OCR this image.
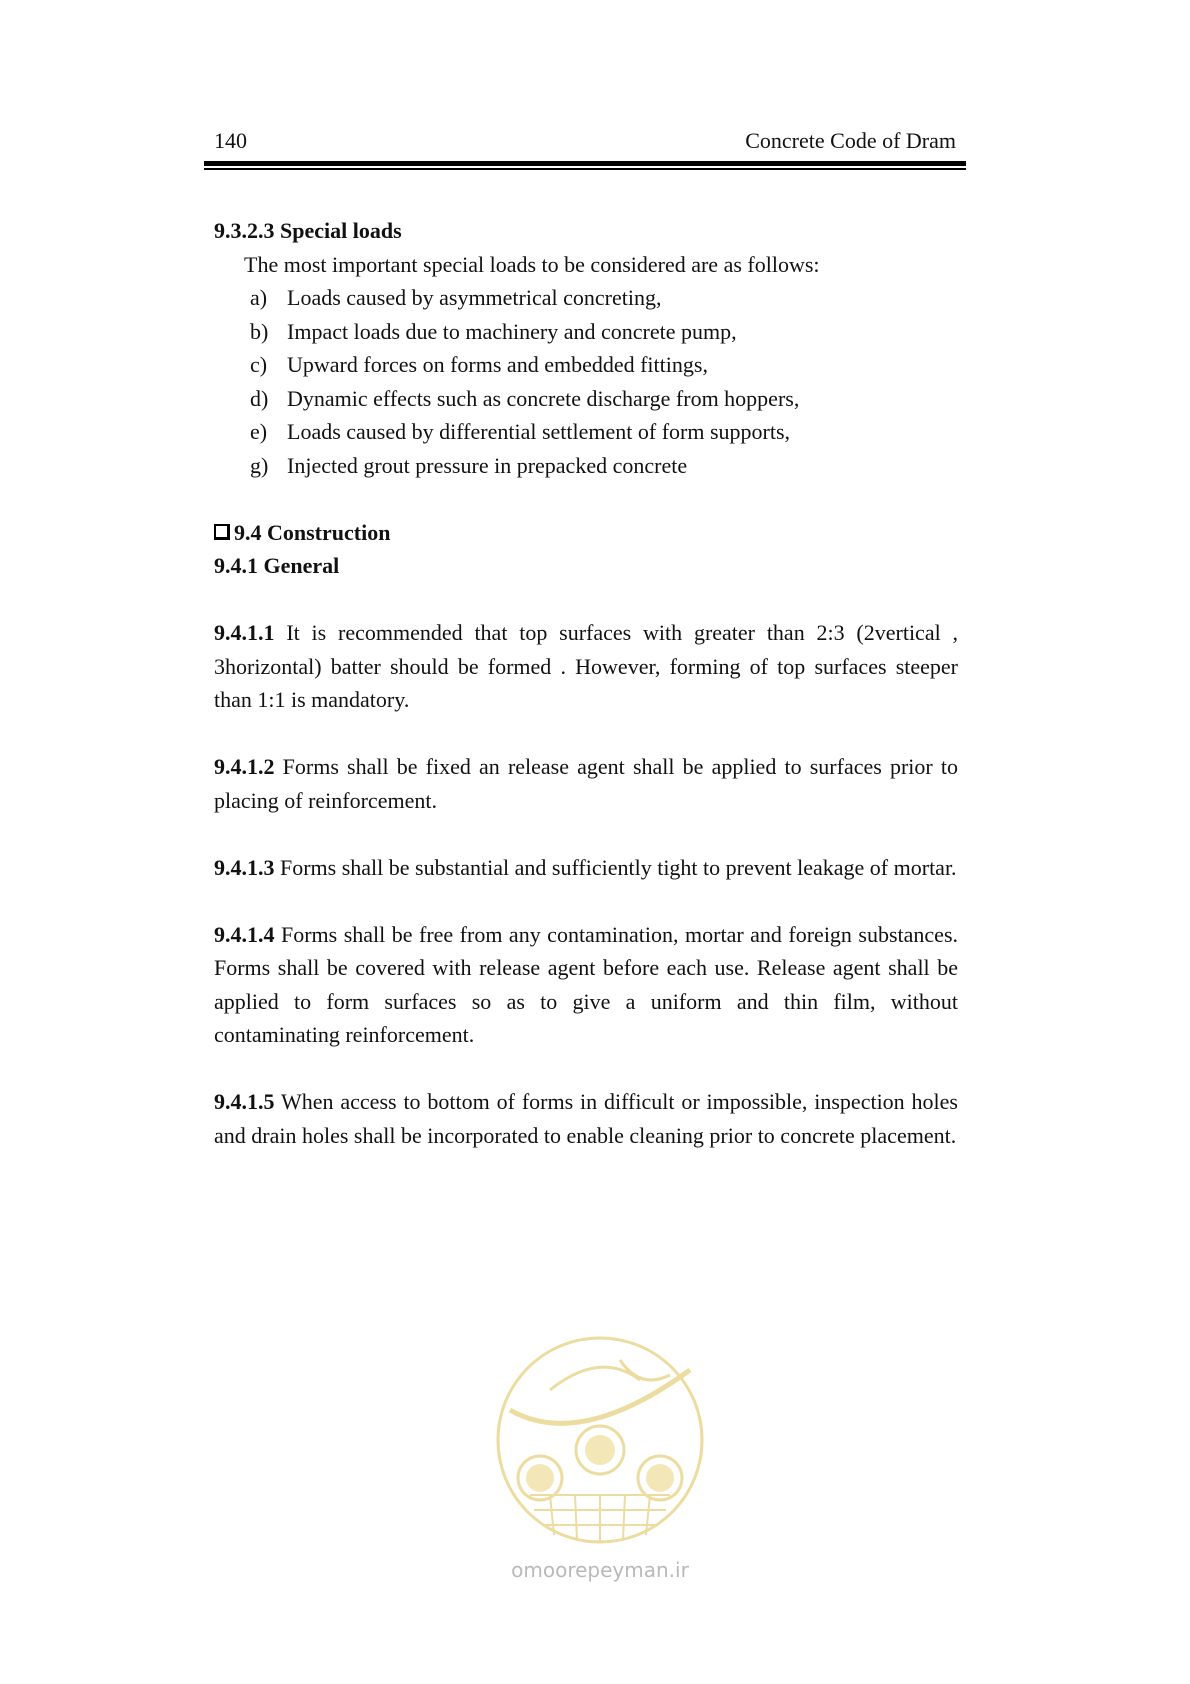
140	Concrete Code of Dram
9.3.2.3 Special loads
The most important special loads to be considered are as follows:
a) Loads caused by asymmetrical concreting,
b) Impact loads due to machinery and concrete pump,
c) Upward forces on forms and embedded fittings,
d) Dynamic effects such as concrete discharge from hoppers,
e) Loads caused by differential settlement of form supports,
g) Injected grout pressure in prepacked concrete
9.4 Construction
9.4.1 General
9.4.1.1 It is recommended that top surfaces with greater than 2:3 (2vertical , 3horizontal) batter should be formed . However, forming of top surfaces steeper than 1:1 is mandatory.
9.4.1.2 Forms shall be fixed an release agent shall be applied to surfaces prior to placing of reinforcement.
9.4.1.3 Forms shall be substantial and sufficiently tight to prevent leakage of mortar.
9.4.1.4 Forms shall be free from any contamination, mortar and foreign substances. Forms shall be covered with release agent before each use. Release agent shall be applied to form surfaces so as to give a uniform and thin film, without contaminating reinforcement.
9.4.1.5 When access to bottom of forms in difficult or impossible, inspection holes and drain holes shall be incorporated to enable cleaning prior to concrete placement.
omoorepeyman.ir
